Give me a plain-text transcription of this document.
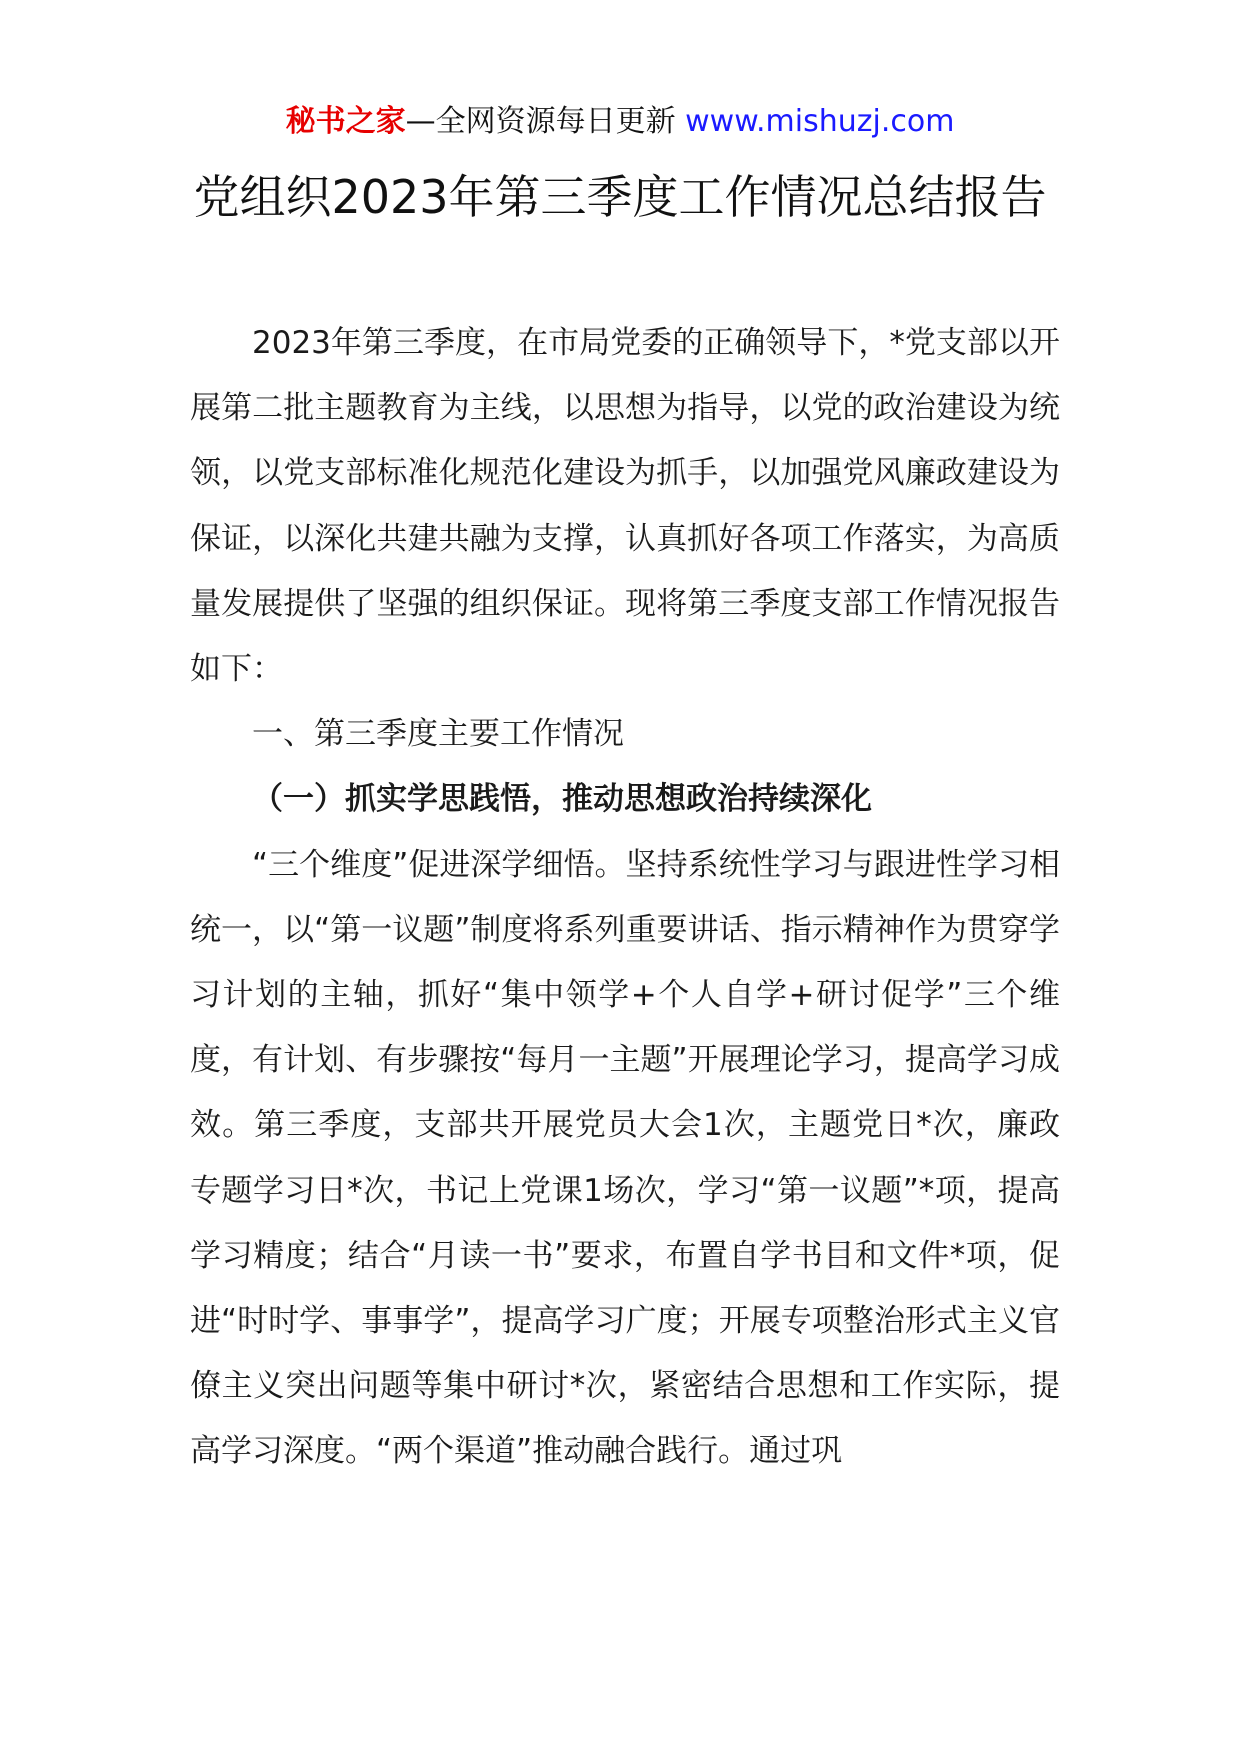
秘书之家—全网资源每日更新 www.mishuzj.com
党组织2023年第三季度工作情况总结报告

2023年第三季度，在市局党委的正确领导下，*党支部以开展第二批主题教育为主线，以思想为指导，以党的政治建设为统领，以党支部标准化规范化建设为抓手，以加强党风廉政建设为保证，以深化共建共融为支撑，认真抓好各项工作落实，为高质量发展提供了坚强的组织保证。现将第三季度支部工作情况报告如下：

一、第三季度主要工作情况

（一）抓实学思践悟，推动思想政治持续深化

“三个维度”促进深学细悟。坚持系统性学习与跟进性学习相统一，以“第一议题”制度将系列重要讲话、指示精神作为贯穿学习计划的主轴，抓好“集中领学+个人自学+研讨促学”三个维度，有计划、有步骤按“每月一主题”开展理论学习，提高学习成效。第三季度，支部共开展党员大会1次，主题党日*次，廉政专题学习日*次，书记上党课1场次，学习“第一议题”*项，提高学习精度；结合“月读一书”要求，布置自学书目和文件*项，促进“时时学、事事学”，提高学习广度；开展专项整治形式主义官僚主义突出问题等集中研讨*次，紧密结合思想和工作实际，提高学习深度。“两个渠道”推动融合践行。通过巩
